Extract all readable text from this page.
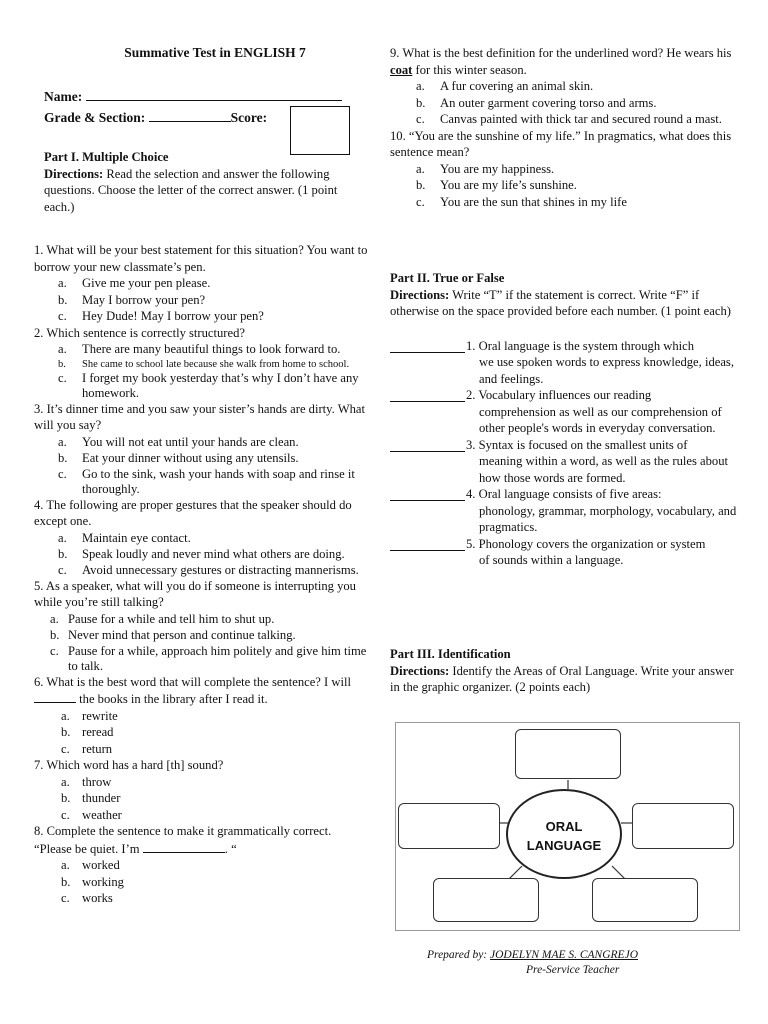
Summative Test in ENGLISH 7
Name:
Grade & Section:	Score:
Part I. Multiple Choice
Directions: Read the selection and answer the following questions. Choose the letter of the correct answer. (1 point each.)
1. What will be your best statement for this situation? You want to borrow your new classmate’s pen.
a.	Give me your pen please.
b.	May I borrow your pen?
c.	Hey Dude! May I borrow your pen?
2. Which sentence is correctly structured?
a.	There are many beautiful things to look forward to.
b.	She came to school late because she walk from home to school.
c.	I forget my book yesterday that’s why I don’t have any homework.
3. It’s dinner time and you saw your sister’s hands are dirty. What will you say?
a.	You will not eat until your hands are clean.
b.	Eat your dinner without using any utensils.
c.	Go to the sink, wash your hands with soap and rinse it thoroughly.
4. The following are proper gestures that the speaker should do except one.
a.	Maintain eye contact.
b.	Speak loudly and never mind what others are doing.
c.	Avoid unnecessary gestures or distracting mannerisms.
5. As a speaker, what will you do if someone is interrupting you while you’re still talking?
a. Pause for a while and tell him to shut up.
b. Never mind that person and continue talking.
c. Pause for a while, approach him politely and give him time to talk.
6. What is the best word that will complete the sentence? I will  the books in the library after I read it.
a. rewrite
b. reread
c. return
7. Which word has a hard [th] sound?
a. throw
b. thunder
c. weather
8. Complete the sentence to make it grammatically correct.
“Please be quiet. I’m	. “
a. worked
b. working
c. works
9. What is the best definition for the underlined word? He wears his coat for this winter season.
a.	A fur covering an animal skin.
b.	An outer garment covering torso and arms.
c.	Canvas painted with thick tar and secured round a mast.
10. “You are the sunshine of my life.” In pragmatics, what does this sentence mean?
a.	You are my happiness.
b.	You are my life’s sunshine.
c.	You are the sun that shines in my life
Part II. True or False
Directions: Write “T” if the statement is correct. Write “F” if otherwise on the space provided before each number. (1 point each)
1. Oral language is the system through which
we use spoken words to express knowledge, ideas, and feelings.
2. Vocabulary influences our reading
comprehension as well as our comprehension of other people's words in everyday conversation.
3. Syntax is focused on the smallest units of
meaning within a word, as well as the rules about how those words are formed.
4. Oral language consists of five areas:
phonology, grammar, morphology, vocabulary, and pragmatics.
5. Phonology covers the organization or system
of sounds within a language.
Part III. Identification
Directions: Identify the Areas of Oral Language. Write your answer in the graphic organizer. (2 points each)
ORAL
LANGUAGE
Prepared by: JODELYN MAE S. CANGREJO
Pre-Service Teacher
